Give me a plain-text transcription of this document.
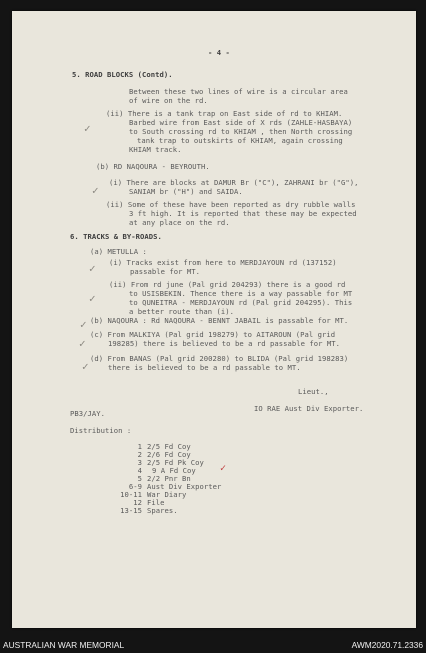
- 4 -
5. ROAD BLOCKS (Contd).
Between these two lines of wire is a circular area
of wire on the rd.
(ii) There is a tank trap on East side of rd to KHIAM.
Barbed wire from East side of X rds (ZAHLE-HASBAYA)
to South crossing rd to KHIAM , then North crossing
tank trap to outskirts of KHIAM, again crossing
KHIAM track.
✓
(b) RD NAQOURA - BEYROUTH.
(i) There are blocks at DAMUR Br ("C"), ZAHRANI br ("G"),
SANIAM br ("H") and SAIDA.
✓
(ii) Some of these have been reported as dry rubble walls
3 ft high. It is reported that these may be expected
at any place on the rd.
6. TRACKS & BY-ROADS.
(a) METULLA :
(i) Tracks exist from here to MERDJAYOUN rd (137152)
passable for MT.
✓
(ii) From rd june (Pal grid 204293) there is a good rd
to USISBEKIN. Thence there is a way passable for MT
to QUNEITRA - MERDJAYOUN rd (Pal grid 204295). This
a better route than (i).
✓
(b) NAQOURA : Rd NAQOURA - BENNT JABAIL is passable for MT.
✓
(c) From MALKIYA (Pal grid 198279) to AITAROUN (Pal grid
198285) there is believed to be a rd passable for MT.
✓
(d) From BANAS (Pal grid 200280) to BLIDA (Pal grid 198283)
there is believed to be a rd passable to MT.
✓
Lieut.,
IO RAE Aust Div Exporter.
PB3/JAY.
Distribution :
1 2/5 Fd Coy
2 2/6 Fd Coy
3 2/5 Fd Pk Coy
4 9 A Fd Coy ✓
5 2/2 Pnr Bn
6-9 Aust Div Exporter
10-11 War Diary
12 File
13-15 Spares.
AUSTRALIAN WAR MEMORIAL	AWM2020.71.2336
